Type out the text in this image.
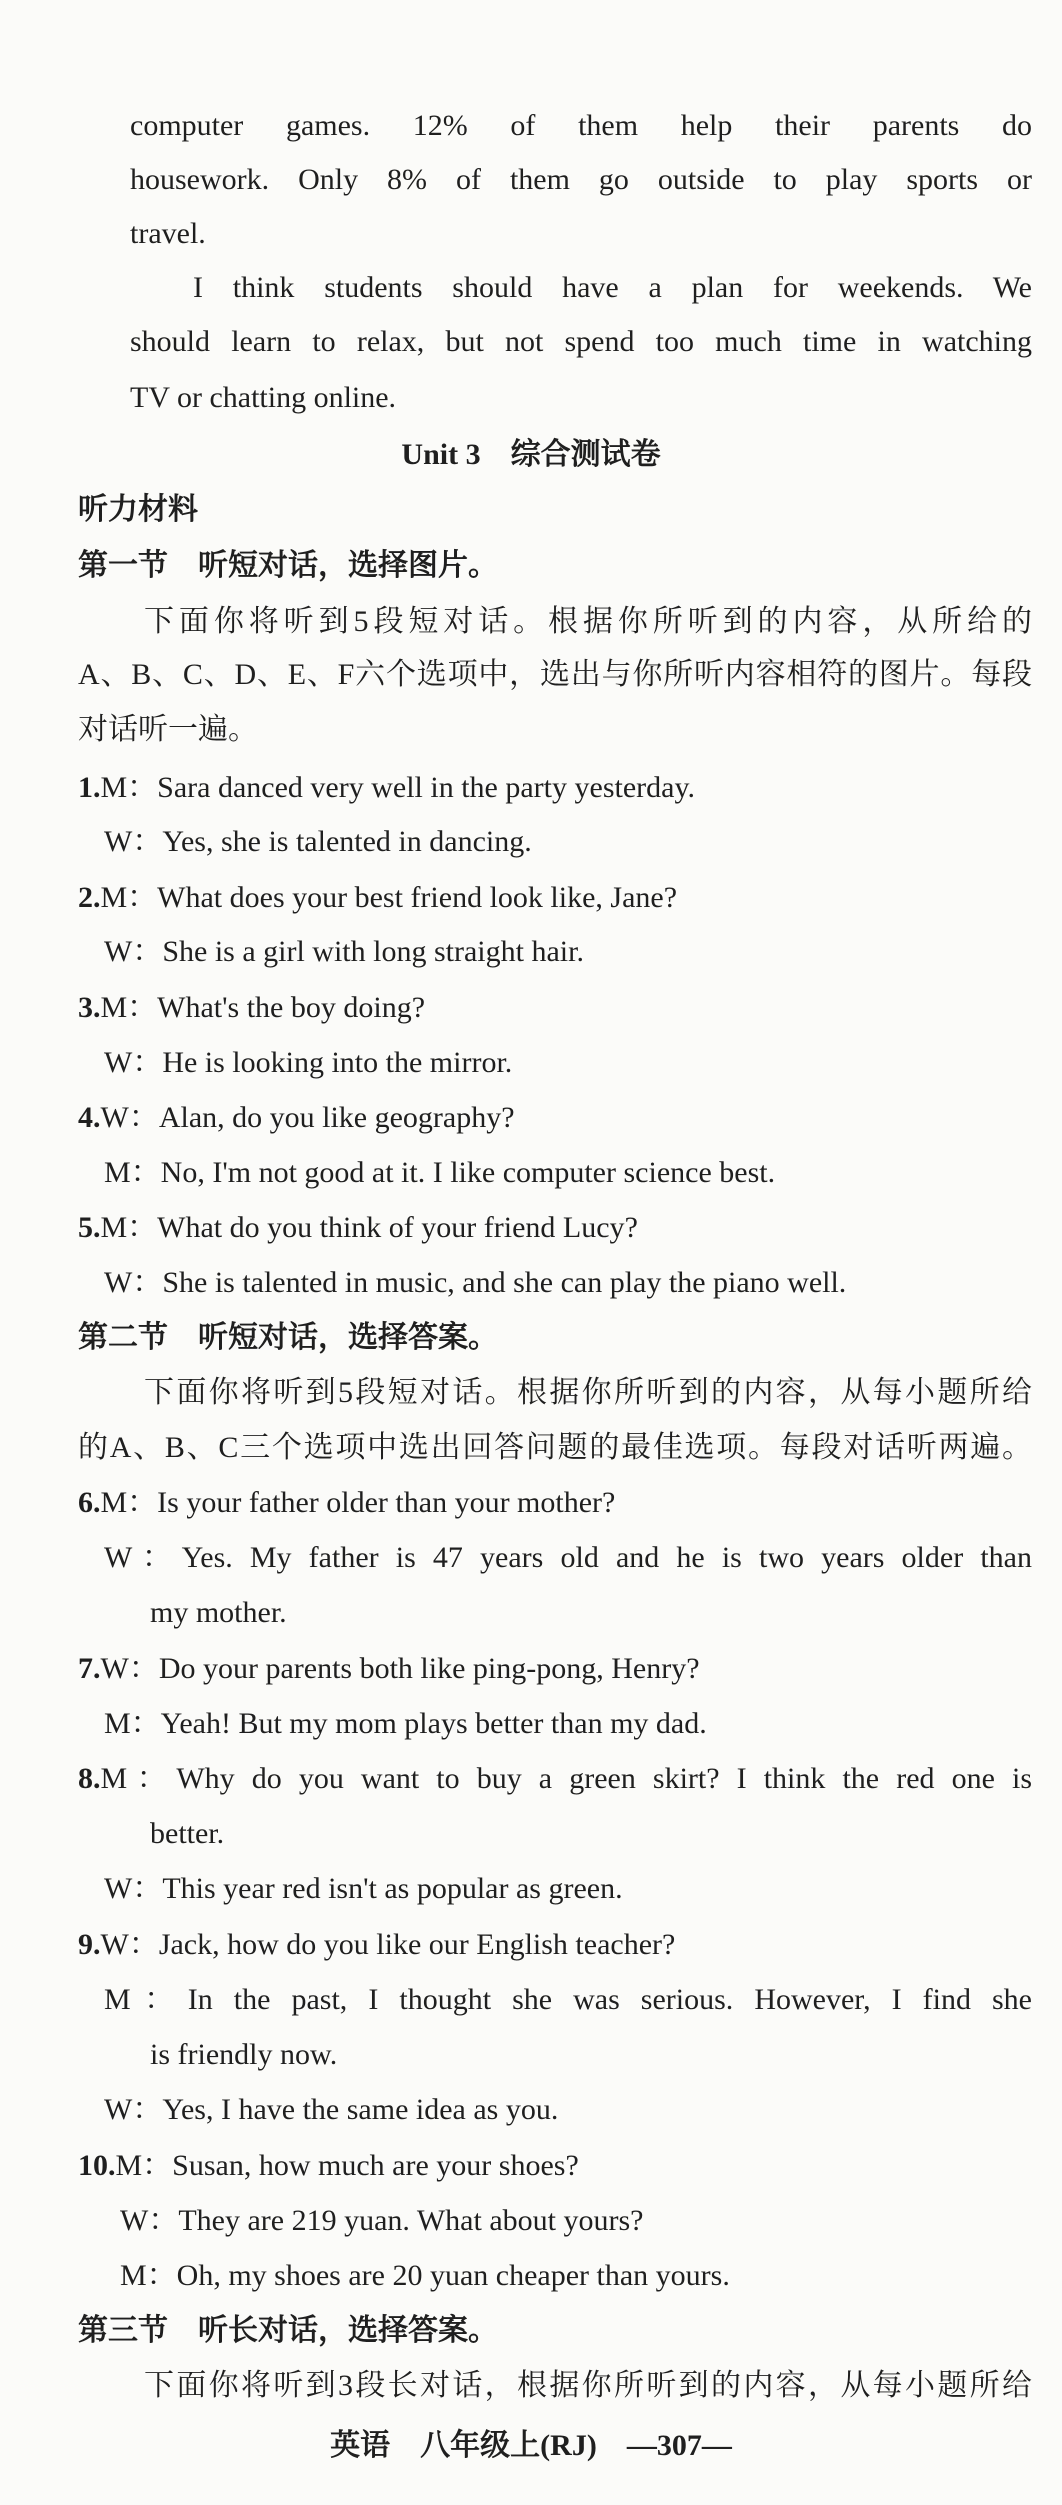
computer games. 12% of them help their parents do
housework. Only 8% of them go outside to play sports or
travel.
I think students should have a plan for weekends. We
should learn to relax, but not spend too much time in watching
TV or chatting online.
Unit 3　综合测试卷
听力材料
第一节　听短对话，选择图片。
下面你将听到5段短对话。根据你所听到的内容，从所给的
A、B、C、D、E、F六个选项中，选出与你所听内容相符的图片。每段
对话听一遍。
1.M：Sara danced very well in the party yesterday.
W：Yes, she is talented in dancing.
2.M：What does your best friend look like, Jane?
W：She is a girl with long straight hair.
3.M：What's the boy doing?
W：He is looking into the mirror.
4.W：Alan, do you like geography?
M：No, I'm not good at it. I like computer science best.
5.M：What do you think of your friend Lucy?
W：She is talented in music, and she can play the piano well.
第二节　听短对话，选择答案。
下面你将听到5段短对话。根据你所听到的内容，从每小题所给
的A、B、C三个选项中选出回答问题的最佳选项。每段对话听两遍。
6.M：Is your father older than your mother?
W：Yes. My father is 47 years old and he is two years older than
my mother.
7.W：Do your parents both like ping-pong, Henry?
M：Yeah! But my mom plays better than my dad.
8.M：Why do you want to buy a green skirt? I think the red one is
better.
W：This year red isn't as popular as green.
9.W：Jack, how do you like our English teacher?
M：In the past, I thought she was serious. However, I find she
is friendly now.
W：Yes, I have the same idea as you.
10.M：Susan, how much are your shoes?
W：They are 219 yuan. What about yours?
M：Oh, my shoes are 20 yuan cheaper than yours.
第三节　听长对话，选择答案。
下面你将听到3段长对话，根据你所听到的内容，从每小题所给
英语　八年级上(RJ)　—307—
